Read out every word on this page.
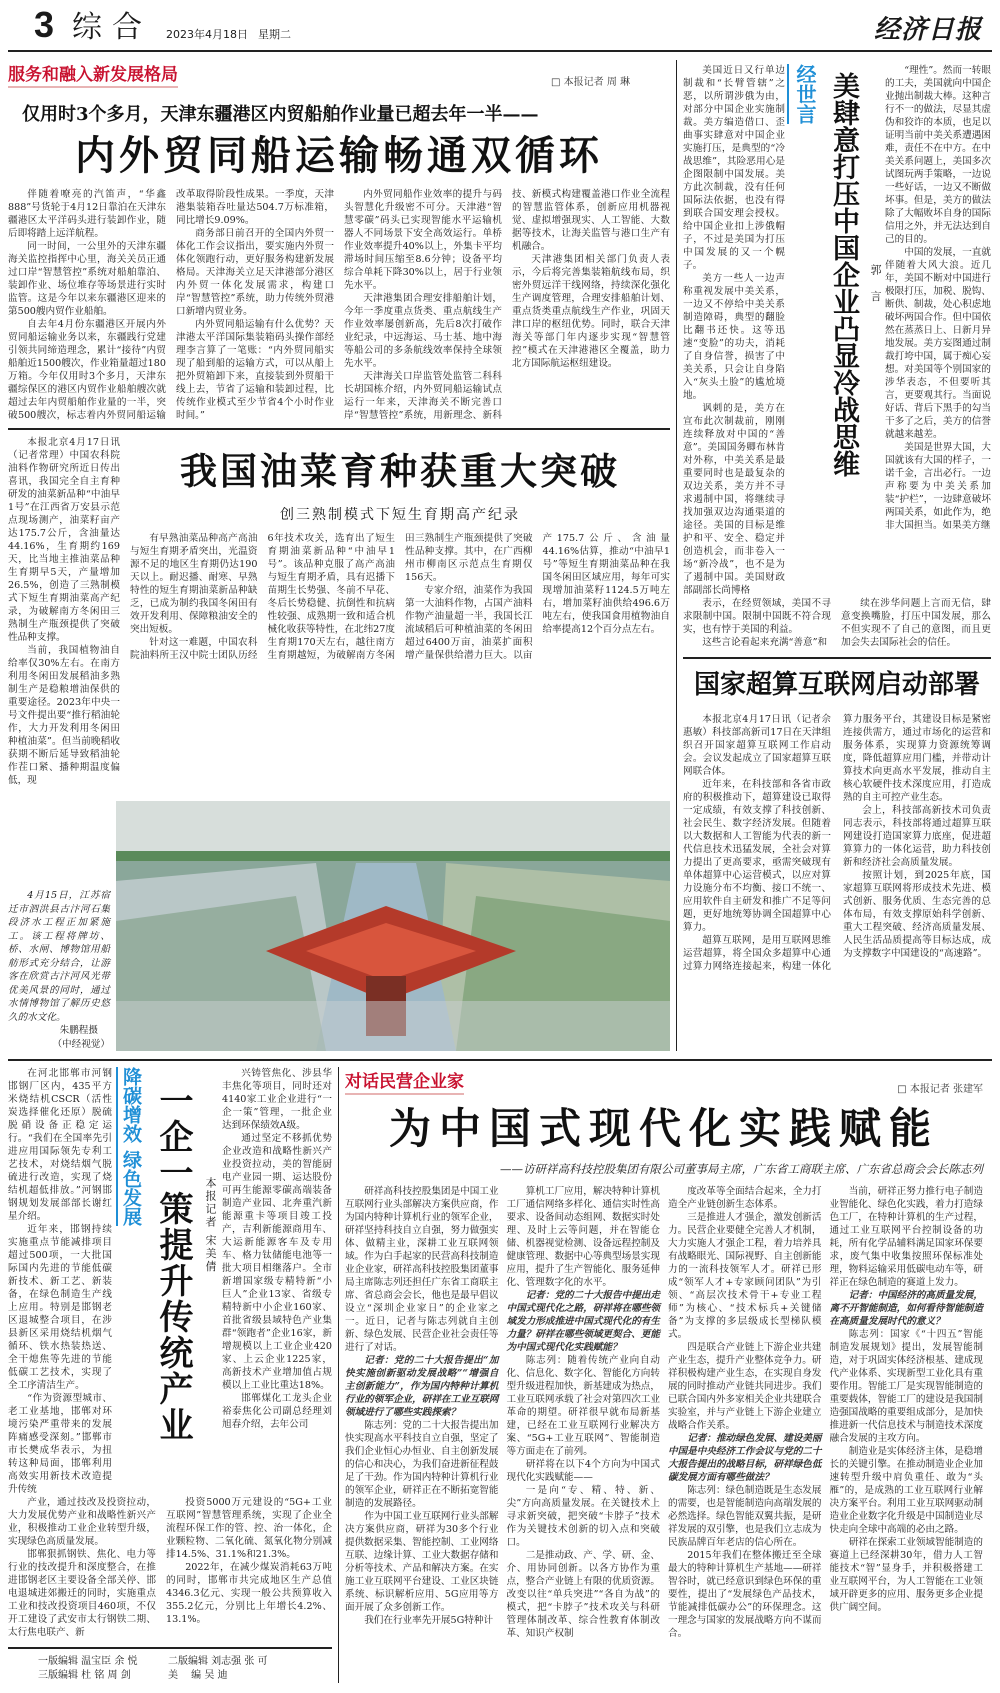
3 综合 2023年4月18日 星期二	经济日报
服务和融入新发展格局	□ 本报记者 周 琳
仅用时3个多月，天津东疆港区内贸船舶作业量已超去年一半——
内外贸同船运输畅通双循环

伴随着嘹亮的汽笛声，“华鑫888”号货轮于4月12日靠泊在天津东疆港区太平洋码头进行装卸作业，随后即将踏上远洋航程。

同一时间，一公里外的天津东疆海关监控指挥中心里，海关关员正通过口岸“智慧管控”系统对船舶靠泊、装卸作业、场位堆存等场景进行实时监管。这是今年以来东疆港区迎来的第500艘内贸作业船舶。

自去年4月份东疆港区开展内外贸同船运输业务以来，东疆践行党建引领共同缔造理念，累计“接待”内贸船舶近1500艘次，作业箱量超过180万箱。今年仅用时3个多月，天津东疆综保区的港区内贸作业船舶艘次就超过去年内贸船舶作业量的一半，突破500艘次，标志着内外贸同船运输改革取得阶段性成果。一季度，天津港集装箱吞吐量达504.7万标准箱，同比增长9.09%。

商务部日前召开的全国内外贸一体化工作会议指出，要实施内外贸一体化领跑行动，更好服务构建新发展格局。天津海关立足天津港部分港区内外贸一体化发展需求，构建口岸“智慧管控”系统，助力传统外贸港口新增内贸业务。

内外贸同船运输有什么优势？天津港太平洋国际集装箱码头操作部经理李言算了一笔账：“内外贸同船实现了船到船的运输方式，可以从船上把外贸箱卸下来，直接装到外贸船干线上去，节省了运输和装卸过程，比传统作业模式至少节省4个小时作业时间。”

内外贸同船作业效率的提升与码头智慧化升级密不可分。天津港“智慧零碳”码头已实现智能水平运输机器人不同场景下安全高效运行。单桥作业效率提升40%以上，外集卡平均滞场时间压缩至8.6分钟；设备平均综合单耗下降30%以上，居于行业领先水平。

天津港集团合理安排船舶计划，今年一季度重点货类、重点航线生产作业效率屡创新高，先后8次打破作业纪录，中远海运、马士基、地中海等船公司的多条航线效率保持全球领先水平。

天津海关口岸监管处监管二科科长胡国栋介绍，内外贸同船运输试点运行一年来，天津海关不断完善口岸“智慧管控”系统，用新理念、新科技、新模式构建覆盖港口作业全流程的智慧监管体系，创新应用机器视觉、虚拟增强现实、人工智能、大数据等技术，让海关监管与港口生产有机融合。

天津港集团相关部门负责人表示，今后将完善集装箱航线布局，织密外贸远洋干线网络，持续深化强化生产调度管理，合理安排船舶计划、重点货类重点航线生产作业，巩固天津口岸的枢纽优势。同时，联合天津海关等部门年内逐步实现“智慧管控”模式在天津港港区全覆盖，助力北方国际航运枢纽建设。

本报北京4月17日讯（记者常理）中国农科院油料作物研究所近日传出喜讯，我国完全自主育种研发的油菜新品种“中油早1号”在江西省万安县示范点现场测产，油菜籽亩产达175.7公斤，含油量达44.16%，生育期约169天，比当地主推油菜品种生育期早5天，产量增加26.5%，创造了三熟制模式下短生育期油菜高产纪录，为破解南方冬闲田三熟制生产瓶颈提供了突破性品种支撑。

当前，我国植物油自给率仅30%左右。在南方利用冬闲田发展稻油多熟制生产是稳粮增油保供的重要途径。2023年中央一号文件提出要“推行稻油轮作，大力开发利用冬闲田种植油菜”。但当前晚稻收获期不断后延导致稻油轮作茬口紧、播种期温度偏低，现

我国油菜育种获重大突破
创三熟制模式下短生育期高产纪录

有早熟油菜品种高产高油与短生育期矛盾突出，光温资源不足的地区生育期仍达190天以上。耐迟播、耐寒、早熟特性的短生育期油菜新品种缺乏，已成为制约我国冬闲田有效开发利用、保障粮油安全的突出短板。

针对这一难题，中国农科院油料所王汉中院士团队历经6年技术攻关，选育出了短生育期油菜新品种“中油早1号”。该品种克服了高产高油与短生育期矛盾，具有迟播下苗期生长势强、冬前不早花、冬后长势稳健、抗倒性和抗病性较强、成熟期一致和适合机械化收获等特性，在北纬27度生育期170天左右，越往南方生育期越短，为破解南方冬闲田三熟制生产瓶颈提供了突破性品种支撑。其中，在广西柳州市柳南区示范点生育期仅156天。

专家介绍，油菜作为我国第一大油料作物，占国产油料作物产油量超一半，我国长江流域稻后可种植油菜的冬闲田超过6400万亩，油菜扩面积增产量保供给潜力巨大。以亩产175.7公斤、含油量44.16%估算，推动“中油早1号”等短生育期油菜品种在我国冬闲田区域应用，每年可实现增加油菜籽1124.5万吨左右，增加菜籽油供给496.6万吨左右，使我国食用植物油自给率提高12个百分点左右。

4月15日，江苏宿迁市泗洪县古汴河石集段济水工程正加紧施工。该工程将牌坊、桥、水闸、博物馆用船舫形式充分结合，让游客在欣赏古汴河风光带优美风景的同时，通过水情博物馆了解历史悠久的水文化。

朱鹏程摄

（中经视觉）

美国近日又行单边制裁和“长臂管辖”之恶，以所谓涉俄为由，对部分中国企业实施制裁。美方编造借口、歪曲事实肆意对中国企业实施打压，是典型的“冷战思维”，其险恶用心是企图限制中国发展。美方此次制裁，没有任何国际法依据，也没有得到联合国安理会授权。给中国企业扣上涉俄帽子，不过是美国为打压中国发展的又一个幌子。

美方一些人一边声称重视发展中美关系，一边又不停给中美关系制造障碍，典型的翻脸比翻书还快。这等迅速“变脸”的功夫，消耗了自身信誉，损害了中美关系，只会让自身陷入“灰头土脸”的尴尬境地。

讽刺的是，美方在宣布此次制裁前，刚刚连续释放对中国的“善意”。美国国务卿布林肯对外称，中美关系是最重要同时也是最复杂的双边关系，美方并不寻求遏制中国，将继续寻找加强双边沟通渠道的途径。美国的目标是维护和平、安全、稳定并创造机会，而非卷入一场“新冷战”，也不是为了遏制中国。美国财政部副部长尚博格

经世言 美肆意打压中国企业凸显冷战思维 郭 言

“理性”。然而一转眼的工夫，美国就向中国企业抛出制裁大棒。这种言行不一的做法，尽显其虚伪和狡诈的本质，也足以证明当前中美关系遭遇困难，责任不在中方。在中美关系问题上，美国多次试图玩两手策略，一边说一些好话，一边又不断做坏事。但是，美方的做法除了大幅败坏自身的国际信用之外，并无法达到自己的目的。

中国的发展，一直就伴随着大风大浪。近几年，美国不断对中国进行极限打压，加税、脱钩、断供、制裁，处心积虑地破坏两国合作。但中国依然在蒸蒸日上、日新月异地发展。美方妄图通过制裁打垮中国，属于痴心妄想。对美国等个别国家的涉华表态，不但要听其言，更要观其行。当面说好话、背后下黑手的勾当干多了之后，美方的信誉就越来越差。

美国是世界大国，大国就该有大国的样子，一诺千金，言出必行。一边声称要为中美关系加装“护栏”，一边肆意破坏两国关系，如此作为，绝非大国担当。如果美方继

表示，在经贸领域，美国不寻求限制中国。限制中国既不符合现实，也有悖于美国的利益。

这些言论看起来充满“善意”和

续在涉华问题上言而无信，肆意变换嘴脸，打压中国发展，那么不但实现不了自己的意图，而且更加会失去国际社会的信任。

国家超算互联网启动部署

本报北京4月17日讯（记者佘惠敏）科技部高新司17日在天津组织召开国家超算互联网工作启动会。会议发起成立了国家超算互联网联合体。

近年来，在科技部和各省市政府的积极推动下，超算建设已取得一定成绩，有效支撑了科技创新、社会民生、数字经济发展。但随着以大数据和人工智能为代表的新一代信息技术迅猛发展，全社会对算力提出了更高要求，亟需突破现有单体超算中心运营模式，以应对算力设施分布不均衡、接口不统一、应用软件自主研发和推广不足等问题，更好地统筹协调全国超算中心算力。

超算互联网，是用互联网思维运营超算，将全国众多超算中心通过算力网络连接起来，构建一体化算力服务平台，其建设目标是紧密连接供需方，通过市场化的运营和服务体系，实现算力资源统筹调度，降低超算应用门槛，并带动计算技术向更高水平发展，推动自主核心软硬件技术深度应用，打造成熟的自主可控产业生态。

会上，科技部高新技术司负责同志表示，科技部将通过超算互联网建设打造国家算力底座，促进超算算力的一体化运营，助力科技创新和经济社会高质量发展。

按照计划，到2025年底，国家超算互联网将形成技术先进、模式创新、服务优质、生态完善的总体布局，有效支撑原始科学创新、重大工程突破、经济高质量发展、人民生活品质提高等目标达成，成为支撑数字中国建设的“高速路”。

在河北邯郸市河钢邯钢厂区内，435平方米烧结机CSCR（活性炭选择催化还原）脱硫脱硝设备正稳定运行。“我们在全国率先引进应用国际领先专利工艺技术，对烧结烟气脱硫进行改造，实现了烧结机超低排放。”河钢邯钢规划发展部部长谢红星介绍。

近年来，邯钢持续实施重点节能减排项目超过500项，一大批国际国内先进的节能低碳新技术、新工艺、新装备，在绿色制造生产线上应用。特别是邯钢老区退城整合项目，在涉县新区采用烧结机烟气循环、铁水热装热送、全干熄焦等先进的节能低碳工艺技术，实现了全工序清洁生产。

“作为资源型城市、老工业基地，邯郸对环境污染严重带来的发展阵痛感受深刻。”邯郸市市长樊成华表示，为扭转这种局面，邯郸利用高效实用新技术改造提升传统

降碳增效 绿色发展 一企一策提升传统产业	本报记者 宋美倩

兴铸管焦化、涉县华丰焦化等项目，同时还对4140家工业企业进行“一企一策”管理，一批企业达到环保绩效A级。

通过坚定不移抓优势企业改造和战略性新兴产业投资拉动，美的智能厨电产业园一期、运达股份可再生能源零碳高端装备制造产业园、北奔重汽新能源重卡等项目竣工投产，吉利新能源商用车、大运新能源客车及专用车、格力钛储能电池等一批大项目相继落户。全市新增国家级专精特新“小巨人”企业13家、省级专精特新中小企业160家、首批省级县域特色产业集群“领跑者”企业16家，新增规模以上工业企业420家、上云企业1225家，高新技术产业增加值占规模以上工业比重达18%。

邯郸煤化工龙头企业裕泰焦化公司副总经理刘旭春介绍，去年公司

产业，通过技改及投资拉动，大力发展优势产业和战略性新兴产业，积极推动工业企业转型升级，实现绿色高质量发展。

邯郸狠抓钢铁、焦化、电力等行业的技改提升和深度整合，在推进邯钢老区主要设备全部关停、邯电退城进郊搬迁的同时，实施重点工业和技改投资项目460项，不仅开工建设了武安市太行钢铁二期、太行焦电联产、新

投资5000万元建设的“5G+工业互联网”智慧管理系统，实现了企业全流程环保工作的管、控、治一体化，企业颗粒物、二氧化硫、氮氧化物分别减排14.5%、31.1%和21.3%。

2022年，在减少煤炭消耗63万吨的同时，邯郸市共完成地区生产总值4346.3亿元、实现一般公共预算收入355.2亿元，分别比上年增长4.2%、13.1%。

一版编辑 温宝臣 余 悦	二版编辑 刘志强 张 可
三版编辑 杜 铭 周 剑	美　 编 吴 迪
对话民营企业家	□ 本报记者 张建军
为中国式现代化实践赋能
——访研祥高科技控股集团有限公司董事局主席，广东省工商联主席、广东省总商会会长陈志列

研祥高科技控股集团是中国工业互联网行业头部解决方案供应商，作为国内特种计算机行业的领军企业，研祥坚持科技自立自强，努力做强实体、做精主业，深耕工业互联网领域。作为白手起家的民营高科技制造业企业家，研祥高科技控股集团董事局主席陈志列还担任广东省工商联主席、省总商会会长，他也是最早倡议设立“深圳企业家日”的企业家之一。近日，记者与陈志列就自主创新、绿色发展、民营企业社会责任等进行了对话。

记者：党的二十大报告提出“加快实施创新驱动发展战略”“增强自主创新能力”，作为国内特种计算机行业的领军企业，研祥在工业互联网领域进行了哪些实践探索？

陈志列：党的二十大报告提出加快实现高水平科技自立自强，坚定了我们企业恒心办恒业、自主创新发展的信心和决心，为我们奋进新征程鼓足了干劲。作为国内特种计算机行业的领军企业，研祥正在不断拓宽智能制造的发展路径。

作为中国工业互联网行业头部解决方案供应商，研祥为30多个行业提供数据采集、智能控制、工业网络互联、边缘计算、工业大数据存储和分析等技术、产品和解决方案。在实施工业互联网平台建设、工业区块链系统、标识解析应用、5G应用等方面开展了众多创新工作。

我们在行业率先开展5G特种计

算机工厂应用，解决特种计算机工厂通信网络多样化、通信实时性高要求、设备间动态组网、数据实时处理、及时上云等问题，并在智能仓储、机器视觉检测、设备远程控制及健康管理、数据中心等典型场景实现应用，提升了生产智能化、服务延伸化、管理数字化的水平。

记者：党的二十大报告中提出走中国式现代化之路，研祥将在哪些领域发力形成推进中国式现代化的有生力量？研祥在哪些领域更契合、更能为中国式现代化实践赋能？

陈志列：随着传统产业向自动化、信息化、数字化、智能化方向转型升级进程加快，新基建成为热点，工业互联网承载了社会对第四次工业革命的期望。研祥很早就布局新基建，已经在工业互联网行业解决方案、“5G+工业互联网”、智能制造等方面走在了前列。

研祥将在以下4个方向为中国式现代化实践赋能——

一是向“专、精、特、新、尖”方向高质量发展。在关键技术上寻求新突破，把突破“卡脖子”技术作为关键技术创新的切入点和突破口。

二是推动政、产、学、研、金、介、用协同创新。以各方协作为重点，整合产业链上有限的优质资源。改变以往“单兵突进”“各自为战”的模式，把“卡脖子”技术攻关与科研管理体制改革、综合性教育体制改革、知识产权制

度改革等全面结合起来，全力打造全产业链创新生态体系。

三是推进人才强企，激发创新活力。民营企业要健全完善人才机制，大力实施人才强企工程，着力培养具有战略眼光、国际视野、自主创新能力的一流科技领军人才。研祥已形成“领军人才+专家顾问团队”为引领、“高层次技术骨干+专业工程师”为核心、“技术标兵+关键储备”为支撑的多层级成长型梯队模式。

四是联合产业链上下游企业共建产业生态，提升产业整体竞争力。研祥积极构建产业生态，在实现自身发展的同时推动产业链共同进步。我们已联合国内外多家相关企业共建联合实验室，并与产业链上下游企业建立战略合作关系。

记者：推动绿色发展、建设美丽中国是中央经济工作会议与党的二十大报告提出的战略目标，研祥绿色低碳发展方面有哪些做法？

陈志列：绿色制造既是生态发展的需要，也是智能制造向高端发展的必然选择。绿色智能双翼共振，是研祥发展的双引擎，也是我们立志成为民族品牌百年老店的信心所在。

2015年我们在整体搬迁至全球最大的特种计算机生产基地——研祥智谷时，就已经意识到绿色环保的重要性，提出了“发展绿色产品技术，节能减排低碳办公”的环保理念。这一理念与国家的发展战略方向不谋而合。

当前，研祥正努力推行电子制造业智能化、绿色化实践，着力打造绿色工厂，在特种计算机的生产过程，通过工业互联网平台控制设备的功耗，所有化学品辅料满足国家环保要求，废气集中收集按照环保标准处理，物料运输采用低碳电动车等，研祥正在绿色制造的赛道上发力。

记者：中国经济的高质量发展，离不开智能制造，如何看待智能制造在高质量发展时代的意义？

陈志列：国家《“十四五”智能制造发展规划》提出，发展智能制造，对于巩固实体经济根基、建成现代产业体系、实现新型工业化具有重要作用。智能工厂是实现智能制造的重要载体，智能工厂的建设是我国制造强国战略的重要组成部分，是加快推进新一代信息技术与制造技术深度融合发展的主攻方向。

制造业是实体经济主体，是稳增长的关键引擎。在推动制造业企业加速转型升级中肩负重任、敢为“头雁”的，是成熟的工业互联网行业解决方案平台。利用工业互联网驱动制造业企业数字化升级是中国制造业尽快走向全球中高端的必由之路。

研祥在探索工业领域智能制造的赛道上已经深耕30年，借力人工智能技术“智”显身手，并积极搭建工业互联网平台，为人工智能在工业领域开辟更多的应用、服务更多企业提供广阔空间。
